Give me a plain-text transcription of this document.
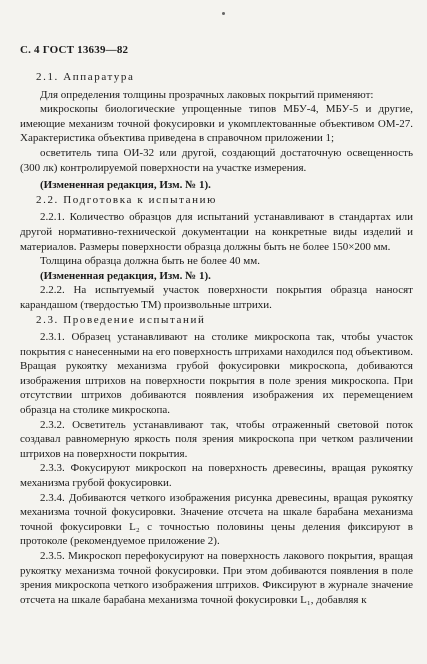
С. 4 ГОСТ 13639—82

2.1. Аппаратура

Для определения толщины прозрачных лаковых покрытий применяют:

микроскопы биологические упрощенные типов МБУ-4, МБУ-5 и другие, имеющие механизм точной фокусировки и укомплектованные объективом ОМ-27. Характеристика объектива приведена в справочном приложении 1;

осветитель типа ОИ-32 или другой, создающий достаточную освещенность (300 лк) контролируемой поверхности на участке измерения.

(Измененная редакция, Изм. № 1).

2.2. Подготовка к испытанию

2.2.1. Количество образцов для испытаний устанавливают в стандартах или другой нормативно-технической документации на конкретные виды изделий и материалов. Размеры поверхности образца должны быть не более 150×200 мм.

Толщина образца должна быть не более 40 мм.

(Измененная редакция, Изм. № 1).

2.2.2. На испытуемый участок поверхности покрытия образца наносят карандашом (твердостью ТМ) произвольные штрихи.

2.3. Проведение испытаний

2.3.1. Образец устанавливают на столике микроскопа так, чтобы участок покрытия с нанесенными на его поверхность штрихами находился под объективом. Вращая рукоятку механизма грубой фокусировки микроскопа, добиваются изображения штрихов на поверхности покрытия в поле зрения микроскопа. При отсутствии штрихов добиваются появления изображения их перемещением образца на столике микроскопа.

2.3.2. Осветитель устанавливают так, чтобы отраженный световой поток создавал равномерную яркость поля зрения микроскопа при четком различении штрихов на поверхности покрытия.

2.3.3. Фокусируют микроскоп на поверхность древесины, вращая рукоятку механизма грубой фокусировки.

2.3.4. Добиваются четкого изображения рисунка древесины, вращая рукоятку механизма точной фокусировки. Значение отсчета на шкале барабана механизма точной фокусировки L₂ с точностью половины цены деления фиксируют в протоколе (рекомендуемое приложение 2).

2.3.5. Микроскоп перефокусируют на поверхность лакового покрытия, вращая рукоятку механизма точной фокусировки. При этом добиваются появления в поле зрения микроскопа четкого изображения штрихов. Фиксируют в журнале значение отсчета на шкале барабана механизма точной фокусировки L₁, добавляя к
